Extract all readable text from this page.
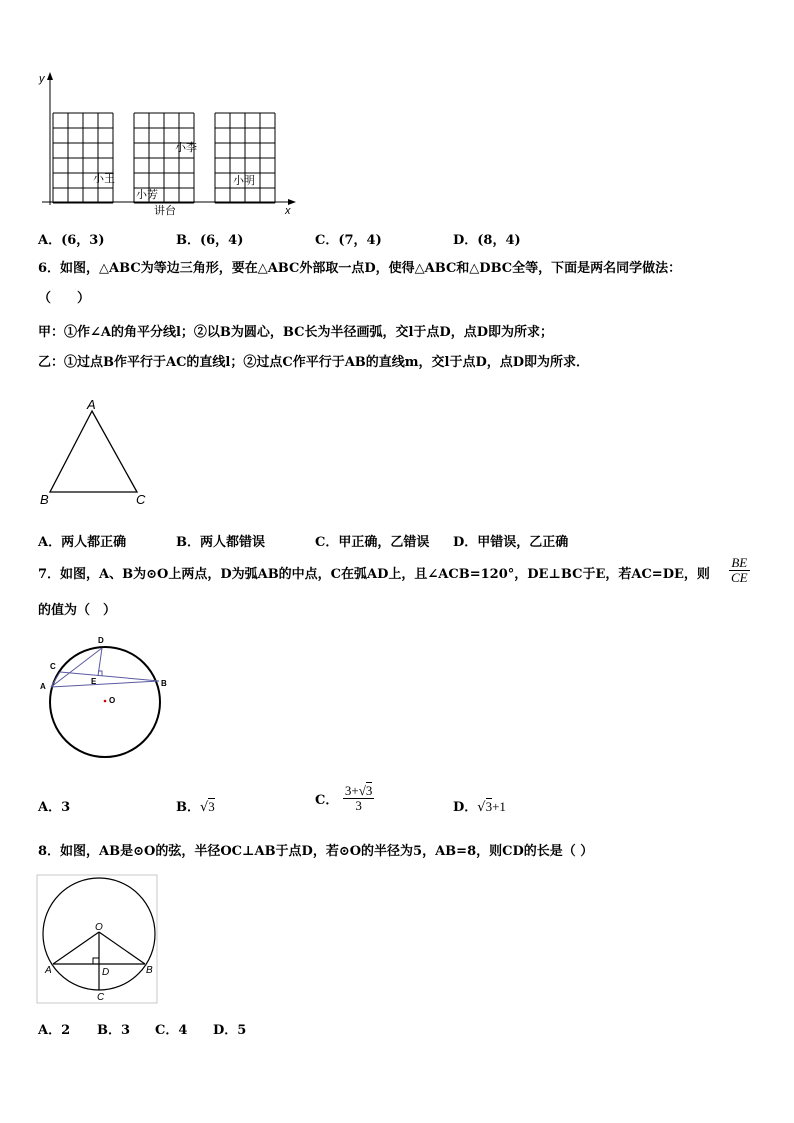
y
x
小王
小李
小芳
小明
讲台
A．(6，3)	B．(6，4)	C．(7，4)	D．(8，4)
6．如图，△ABC为等边三角形，要在△ABC外部取一点D，使得△ABC和△DBC全等，下面是两名同学做法：
（　　）
甲：①作∠A的角平分线l；②以B为圆心，BC长为半径画弧，交l于点D，点D即为所求；
乙：①过点B作平行于AC的直线l；②过点C作平行于AB的直线m，交l于点D，点D即为所求．
A
B	C
A．两人都正确	B．两人都错误	C．甲正确，乙错误 D．甲错误，乙正确
7．如图，A、B为⊙O上两点，D为弧AB的中点，C在弧AD上，且∠ACB=120°，DE⊥BC于E，若AC=DE，则 $\frac{BE}{CE}$
的值为（　）
D
C
A
E	B
O
A．3	B．√3	C． $\frac{3+√3}{3}$	D．√3+1
8．如图，AB是⊙O的弦，半径OC⊥AB于点D，若⊙O的半径为5，AB=8，则CD的长是（ ）
O
A	B
D
C
A．2 B．3 C．4 D．5
